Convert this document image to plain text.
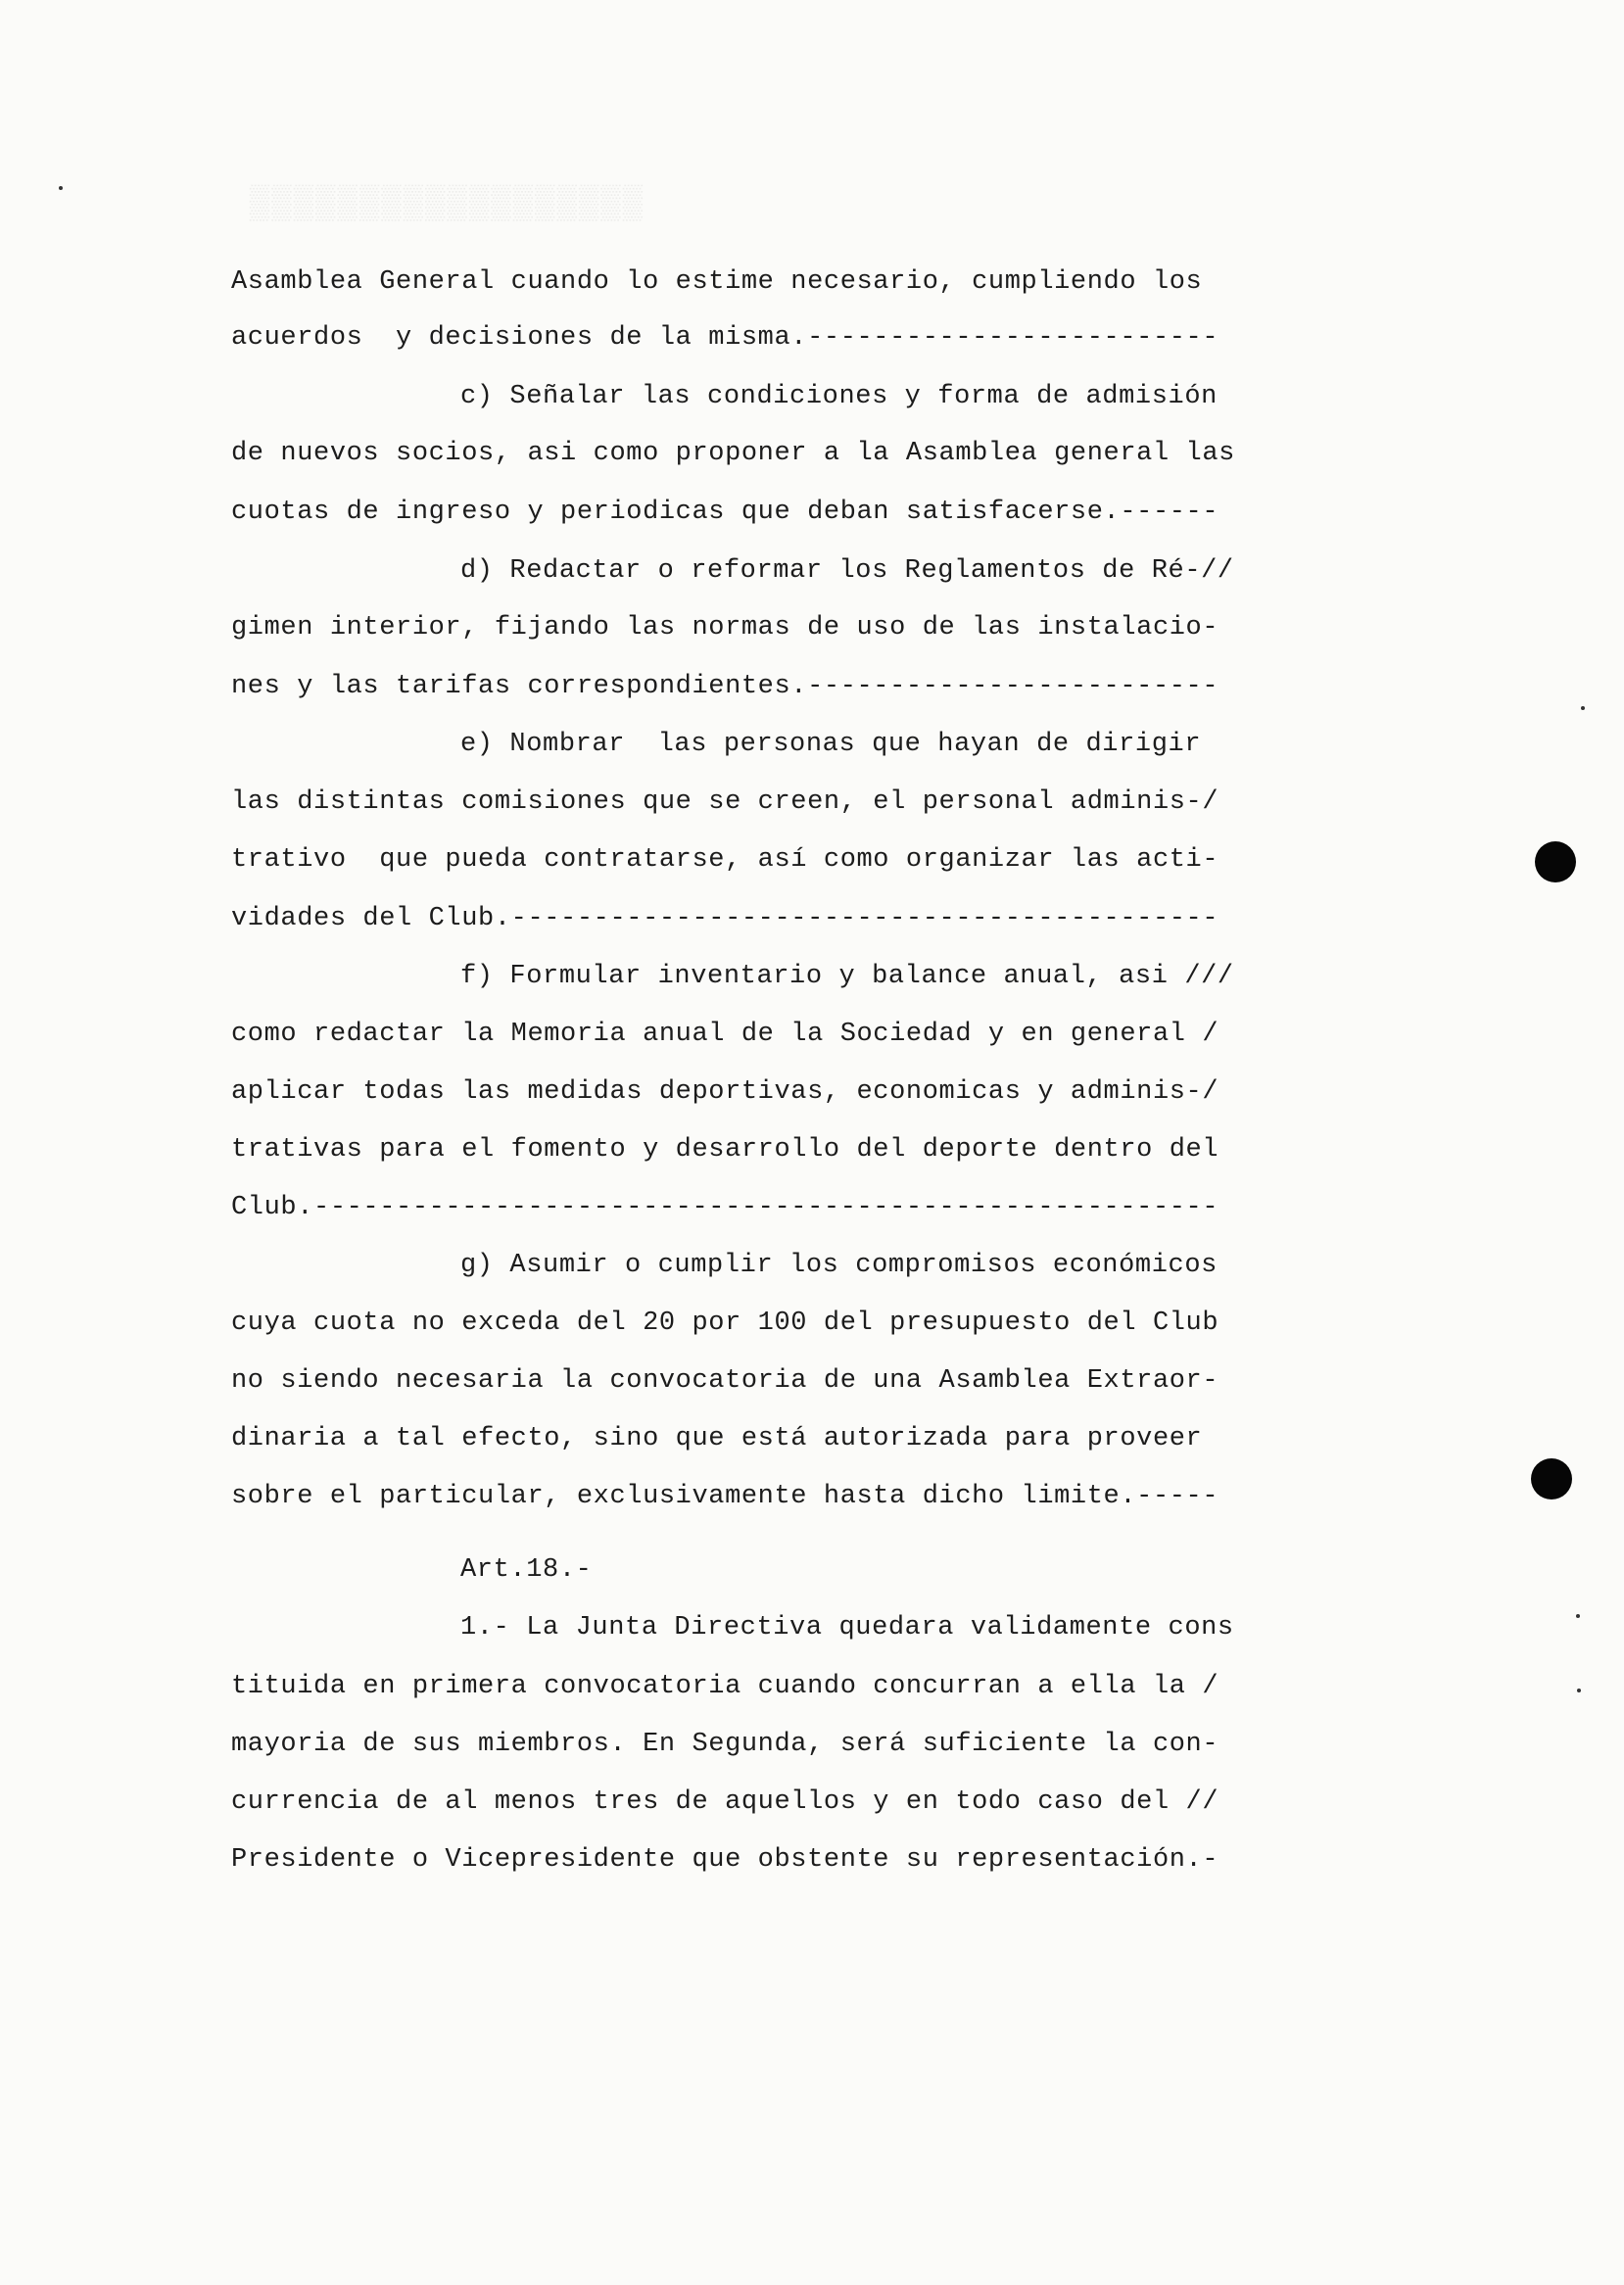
▒▒▒▒▒▒▒▒▒▒▒▒▒▒▒▒▒▒
Asamblea General cuando lo estime necesario, cumpliendo los
acuerdos  y decisiones de la misma.-------------------------
c) Señalar las condiciones y forma de admisión
de nuevos socios, asi como proponer a la Asamblea general las
cuotas de ingreso y periodicas que deban satisfacerse.------
d) Redactar o reformar los Reglamentos de Ré-//
gimen interior, fijando las normas de uso de las instalacio-
nes y las tarifas correspondientes.-------------------------
e) Nombrar  las personas que hayan de dirigir
las distintas comisiones que se creen, el personal adminis-/
trativo  que pueda contratarse, así como organizar las acti-
vidades del Club.-------------------------------------------
f) Formular inventario y balance anual, asi ///
como redactar la Memoria anual de la Sociedad y en general /
aplicar todas las medidas deportivas, economicas y adminis-/
trativas para el fomento y desarrollo del deporte dentro del
Club.-------------------------------------------------------
g) Asumir o cumplir los compromisos económicos
cuya cuota no exceda del 20 por 100 del presupuesto del Club
no siendo necesaria la convocatoria de una Asamblea Extraor-
dinaria a tal efecto, sino que está autorizada para proveer
sobre el particular, exclusivamente hasta dicho limite.-----
Art.18.-
1.- La Junta Directiva quedara validamente cons
tituida en primera convocatoria cuando concurran a ella la /
mayoria de sus miembros. En Segunda, será suficiente la con-
currencia de al menos tres de aquellos y en todo caso del //
Presidente o Vicepresidente que obstente su representación.-
